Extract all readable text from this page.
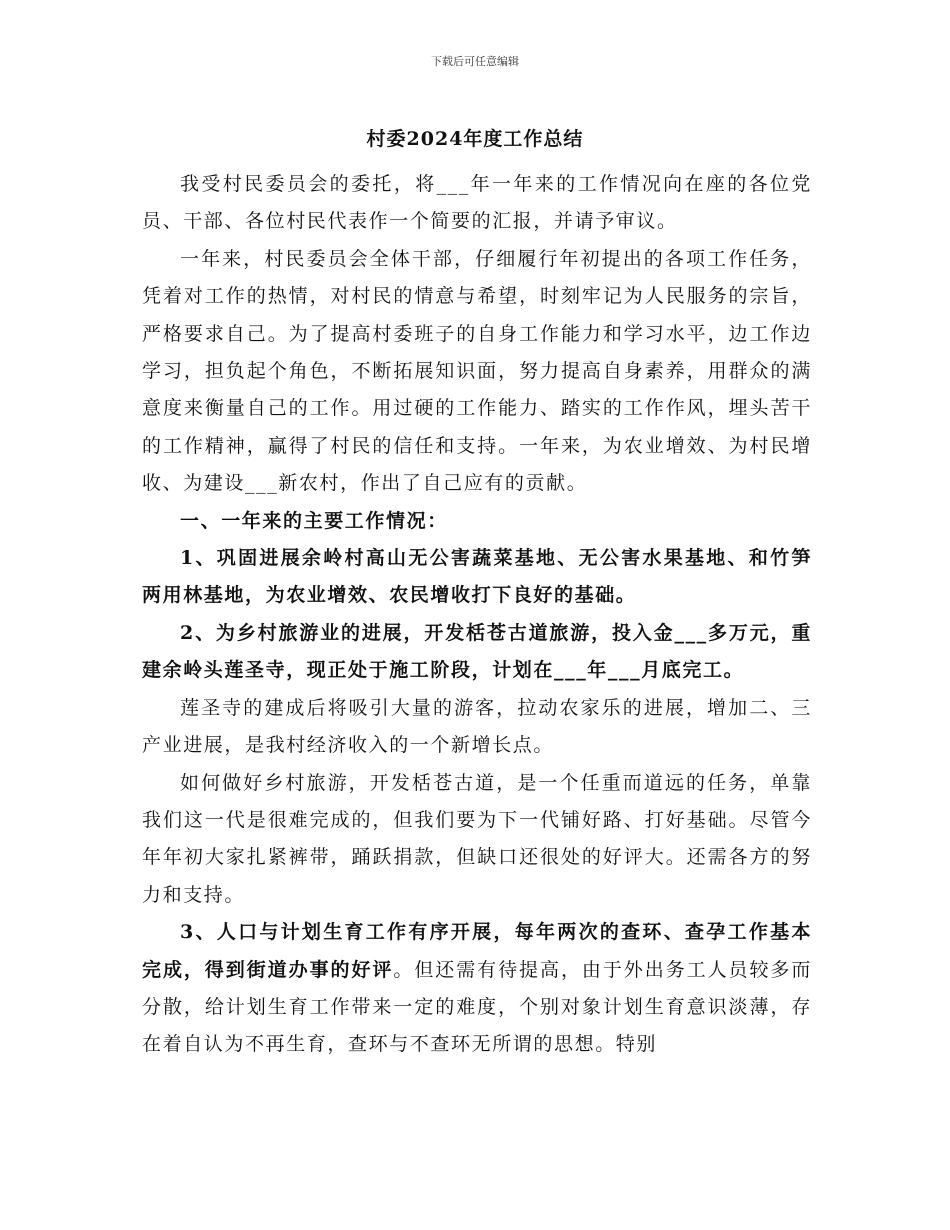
下载后可任意编辑
村委2024年度工作总结

我受村民委员会的委托，将___年一年来的工作情况向在座的各位党员、干部、各位村民代表作一个简要的汇报，并请予审议。

一年来，村民委员会全体干部，仔细履行年初提出的各项工作任务，凭着对工作的热情，对村民的情意与希望，时刻牢记为人民服务的宗旨，严格要求自己。为了提高村委班子的自身工作能力和学习水平，边工作边学习，担负起个角色，不断拓展知识面，努力提高自身素养，用群众的满意度来衡量自己的工作。用过硬的工作能力、踏实的工作作风，埋头苦干的工作精神，赢得了村民的信任和支持。一年来，为农业增效、为村民增收、为建设___新农村，作出了自己应有的贡献。

一、一年来的主要工作情况：

1、巩固进展余岭村高山无公害蔬菜基地、无公害水果基地、和竹笋两用林基地，为农业增效、农民增收打下良好的基础。

2、为乡村旅游业的进展，开发栝苍古道旅游，投入金___多万元，重建余岭头莲圣寺，现正处于施工阶段，计划在___年___月底完工。

莲圣寺的建成后将吸引大量的游客，拉动农家乐的进展，增加二、三产业进展，是我村经济收入的一个新增长点。

如何做好乡村旅游，开发栝苍古道，是一个任重而道远的任务，单靠我们这一代是很难完成的，但我们要为下一代铺好路、打好基础。尽管今年年初大家扎紧裤带，踊跃捐款，但缺口还很处的好评大。还需各方的努力和支持。

3、人口与计划生育工作有序开展，每年两次的查环、查孕工作基本完成，得到街道办事的好评。但还需有待提高，由于外出务工人员较多而分散，给计划生育工作带来一定的难度，个别对象计划生育意识淡薄，存在着自认为不再生育，查环与不查环无所谓的思想。特别
